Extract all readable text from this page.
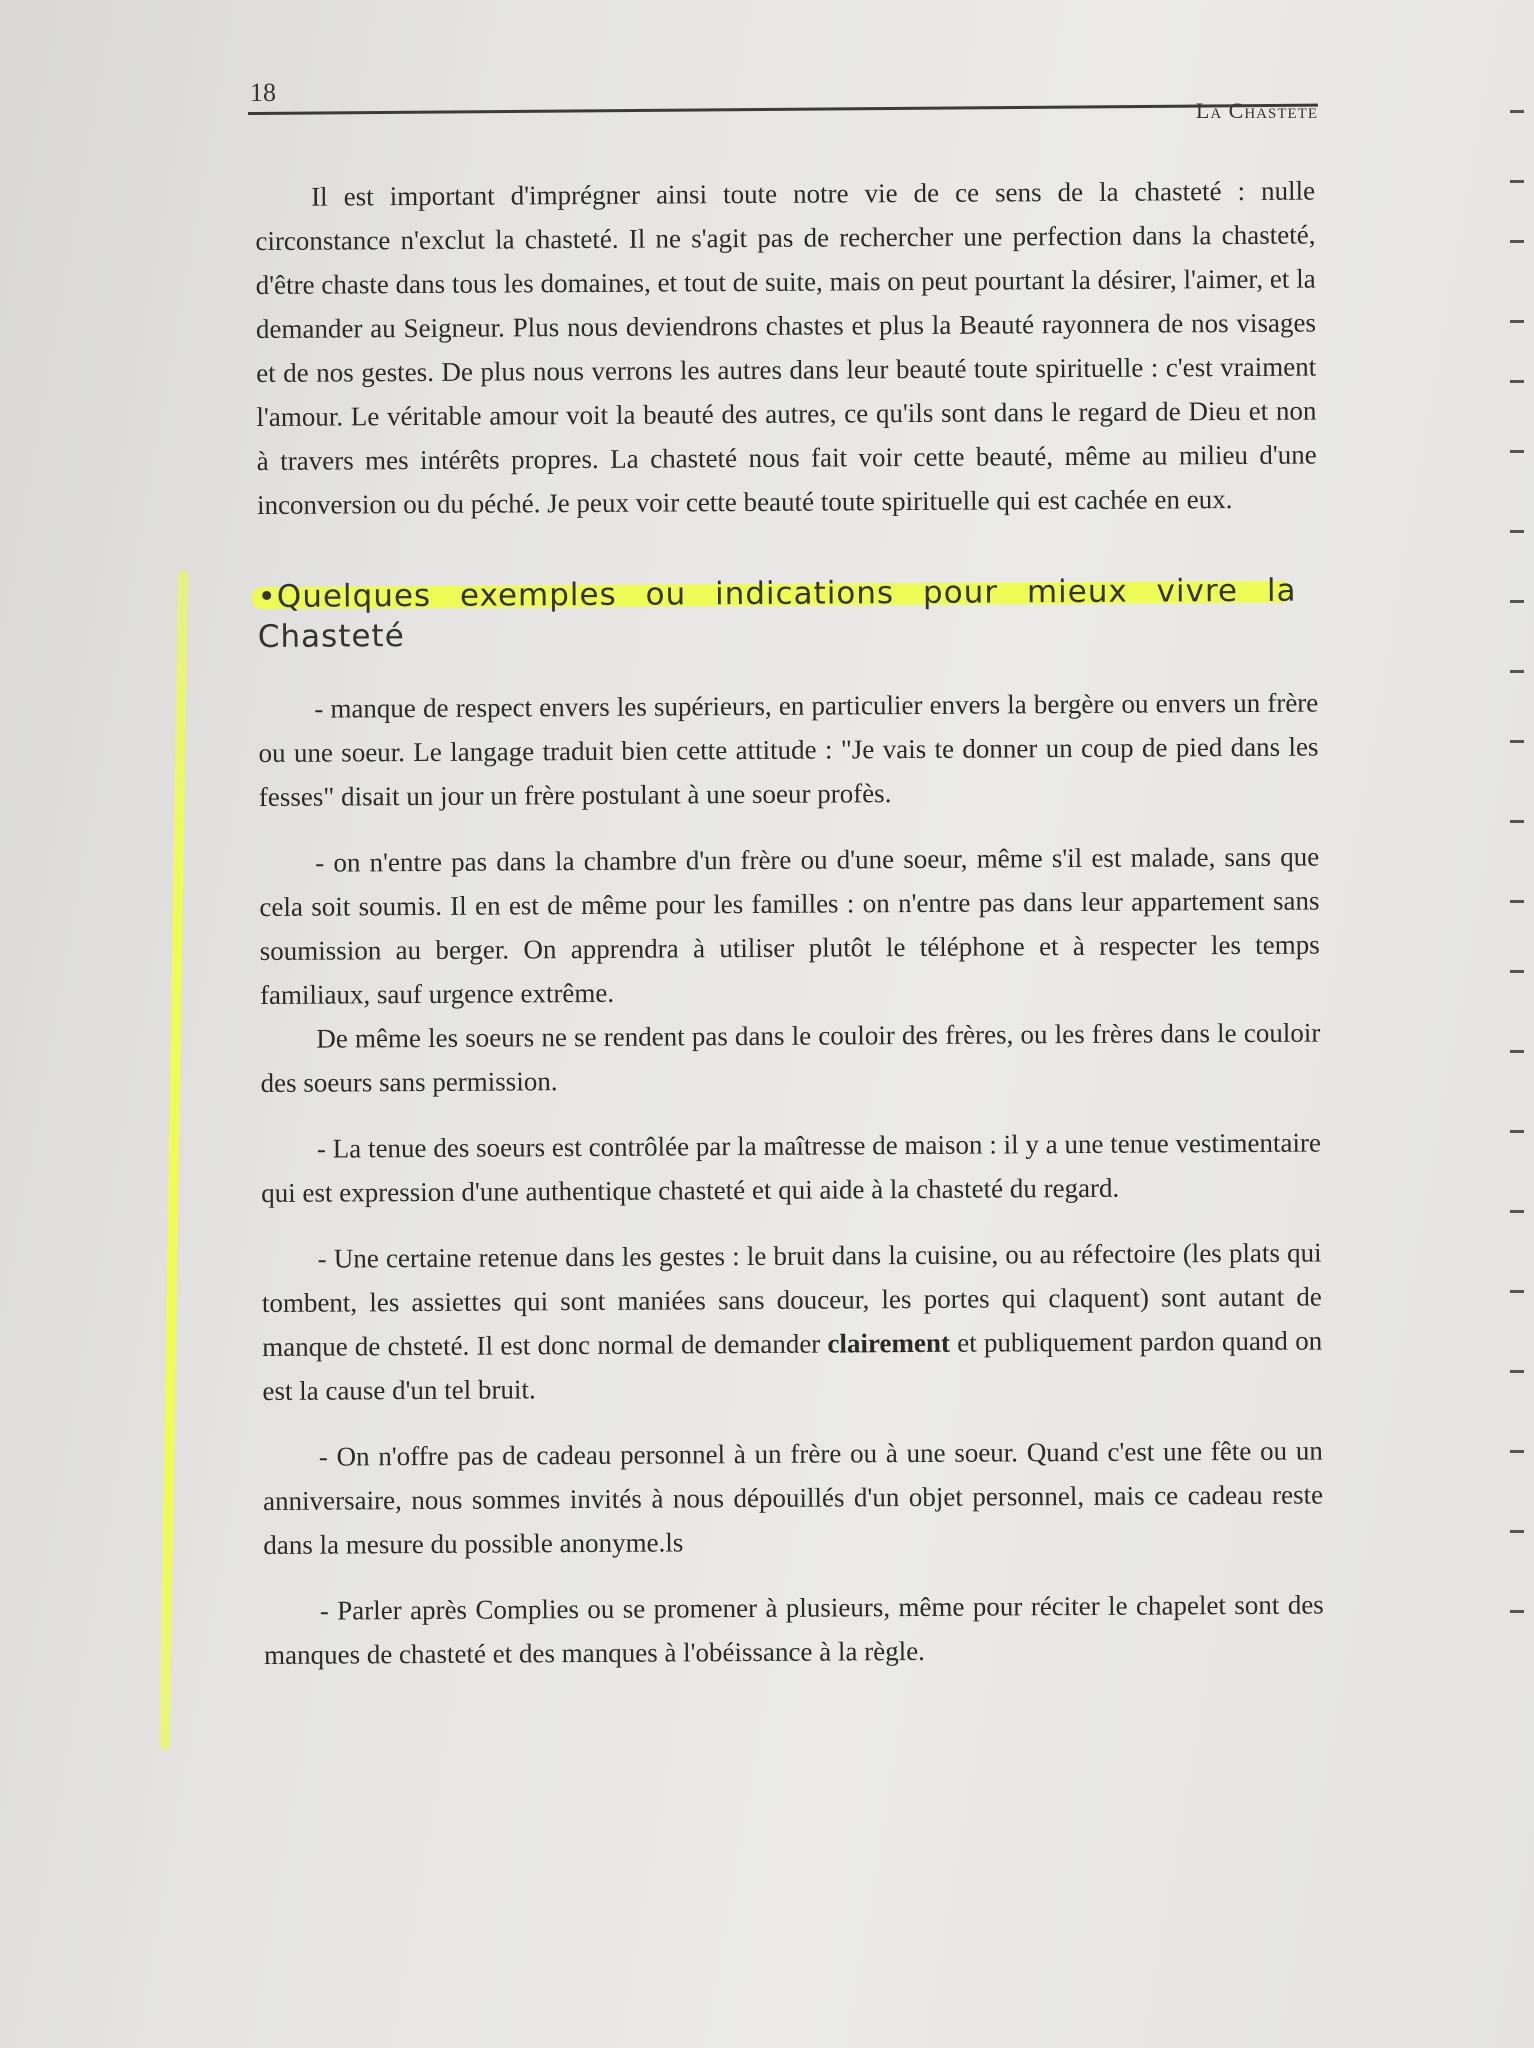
18
La Chastete

Il est important d'imprégner ainsi toute notre vie de ce sens de la chasteté : nulle circonstance n'exclut la chasteté. Il ne s'agit pas de rechercher une perfection dans la chasteté, d'être chaste dans tous les domaines, et tout de suite, mais on peut pourtant la désirer, l'aimer, et la demander au Seigneur. Plus nous deviendrons chastes et plus la Beauté rayonnera de nos visages et de nos gestes. De plus nous verrons les autres dans leur beauté toute spirituelle : c'est vraiment l'amour. Le véritable amour voit la beauté des autres, ce qu'ils sont dans le regard de Dieu et non à travers mes intérêts propres. La chasteté nous fait voir cette beauté, même au milieu d'une inconversion ou du péché. Je peux voir cette beauté toute spirituelle qui est cachée en eux.

•Quelques exemples ou indications pour mieux vivre la Chasteté

- manque de respect envers les supérieurs, en particulier envers la bergère ou envers un frère ou une soeur. Le langage traduit bien cette attitude : "Je vais te donner un coup de pied dans les fesses" disait un jour un frère postulant à une soeur profès.

- on n'entre pas dans la chambre d'un frère ou d'une soeur, même s'il est malade, sans que cela soit soumis. Il en est de même pour les familles : on n'entre pas dans leur appartement sans soumission au berger. On apprendra à utiliser plutôt le téléphone et à respecter les temps familiaux, sauf urgence extrême.

De même les soeurs ne se rendent pas dans le couloir des frères, ou les frères dans le couloir des soeurs sans permission.

- La tenue des soeurs est contrôlée par la maîtresse de maison : il y a une tenue vestimentaire qui est expression d'une authentique chasteté et qui aide à la chasteté du regard.

- Une certaine retenue dans les gestes : le bruit dans la cuisine, ou au réfectoire (les plats qui tombent, les assiettes qui sont maniées sans douceur, les portes qui claquent) sont autant de manque de chsteté. Il est donc normal de demander clairement et publiquement pardon quand on est la cause d'un tel bruit.

- On n'offre pas de cadeau personnel à un frère ou à une soeur. Quand c'est une fête ou un anniversaire, nous sommes invités à nous dépouillés d'un objet personnel, mais ce cadeau reste dans la mesure du possible anonyme.ls

- Parler après Complies ou se promener à plusieurs, même pour réciter le chapelet sont des manques de chasteté et des manques à l'obéissance à la règle.
